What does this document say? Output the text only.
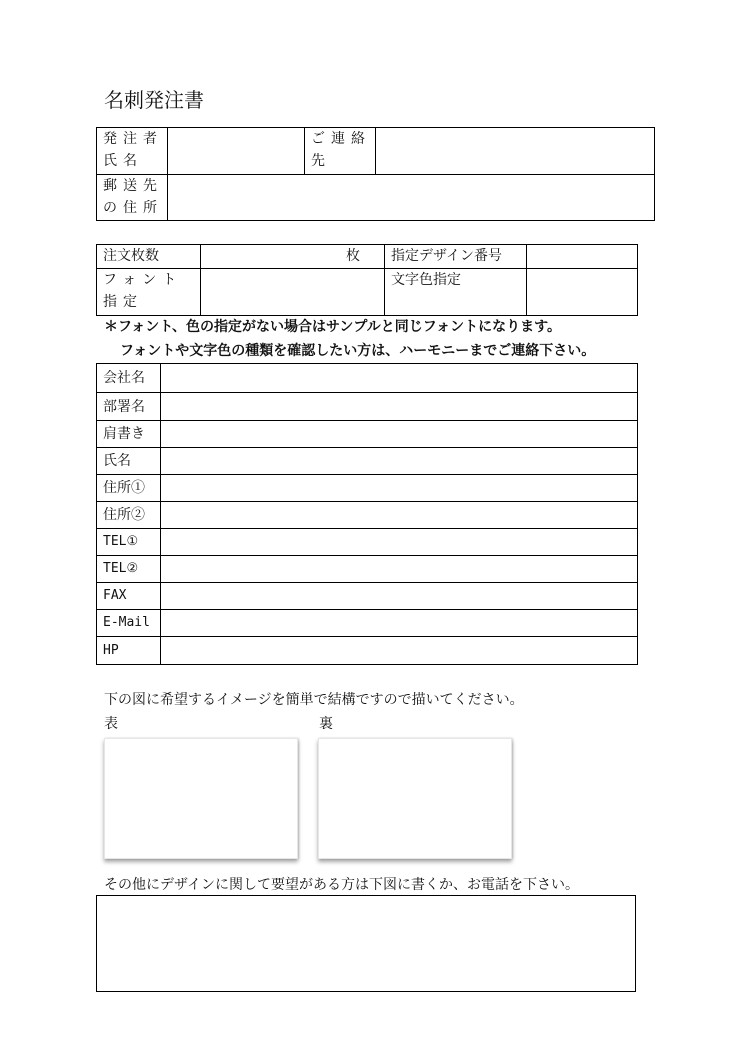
名刺発注書
発注者氏名		ご連絡先	
郵送先の住所			
注文枚数	枚	指定デザイン番号	
フォント指定		文字色指定	
＊フォント、色の指定がない場合はサンプルと同じフォントになります。
フォントや文字色の種類を確認したい方は、ハーモニーまでご連絡下さい。
会社名	
部署名	
肩書き	
氏名	
住所①	
住所②	
TEL①	
TEL②	
FAX	
E-Mail	
HP	
下の図に希望するイメージを簡単で結構ですので描いてください。
表	裏
その他にデザインに関して要望がある方は下図に書くか、お電話を下さい。
